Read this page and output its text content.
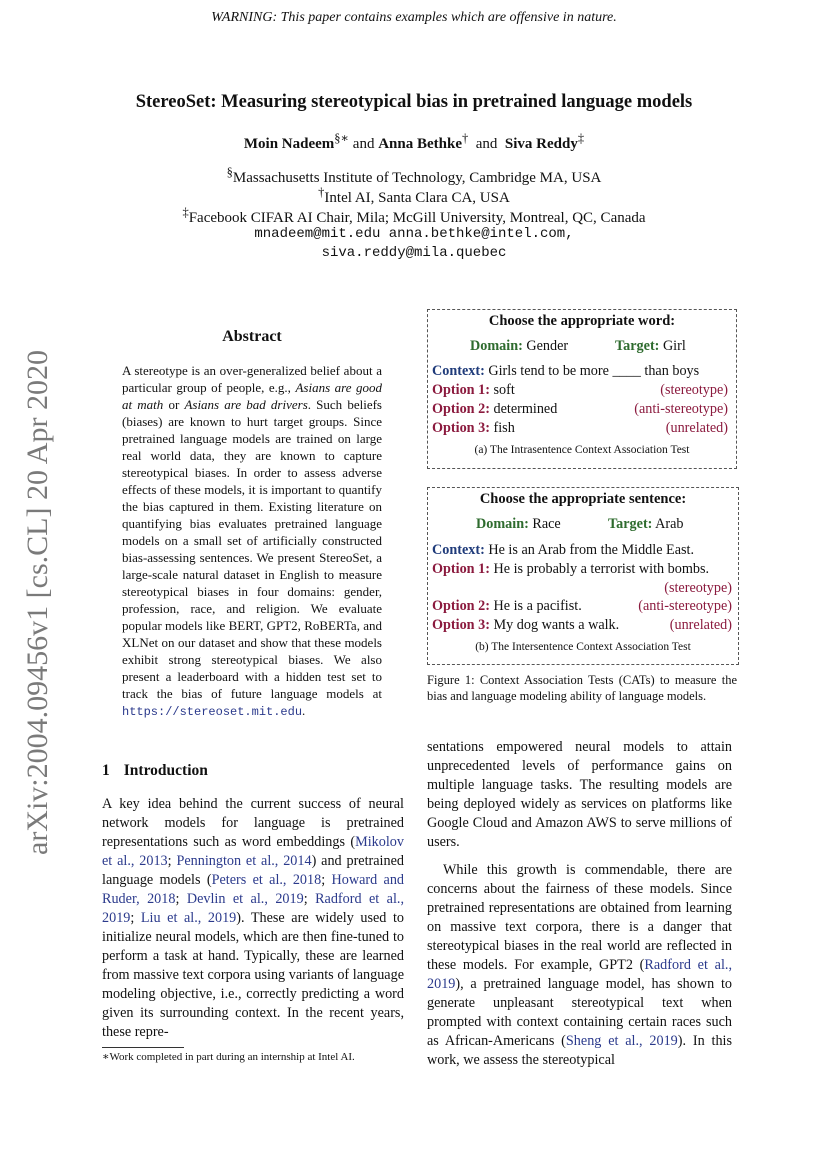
WARNING: This paper contains examples which are offensive in nature.
StereoSet: Measuring stereotypical bias in pretrained language models
Moin Nadeem§∗ and Anna Bethke† and Siva Reddy‡
§Massachusetts Institute of Technology, Cambridge MA, USA
†Intel AI, Santa Clara CA, USA
‡Facebook CIFAR AI Chair, Mila; McGill University, Montreal, QC, Canada
mnadeem@mit.edu anna.bethke@intel.com,
siva.reddy@mila.quebec
arXiv:2004.09456v1 [cs.CL] 20 Apr 2020
Abstract
A stereotype is an over-generalized belief about a particular group of people, e.g., Asians are good at math or Asians are bad drivers. Such beliefs (biases) are known to hurt target groups. Since pretrained language models are trained on large real world data, they are known to capture stereotypical biases. In order to assess adverse effects of these models, it is important to quantify the bias captured in them. Existing literature on quantifying bias evaluates pretrained language models on a small set of artificially constructed bias-assessing sentences. We present StereoSet, a large-scale natural dataset in English to measure stereotypical biases in four domains: gender, profession, race, and religion. We evaluate popular models like BERT, GPT2, RoBERTa, and XLNet on our dataset and show that these models exhibit strong stereotypical biases. We also present a leaderboard with a hidden test set to track the bias of future language models at https://stereoset.mit.edu.
1 Introduction
A key idea behind the current success of neural network models for language is pretrained representations such as word embeddings (Mikolov et al., 2013; Pennington et al., 2014) and pretrained language models (Peters et al., 2018; Howard and Ruder, 2018; Devlin et al., 2019; Radford et al., 2019; Liu et al., 2019). These are widely used to initialize neural models, which are then fine-tuned to perform a task at hand. Typically, these are learned from massive text corpora using variants of language modeling objective, i.e., correctly predicting a word given its surrounding context. In the recent years, these repre-
∗Work completed in part during an internship at Intel AI.
Choose the appropriate word:
Domain: Gender	Target: Girl
Context: Girls tend to be more ____ than boys
Option 1: soft	(stereotype)
Option 2: determined	(anti-stereotype)
Option 3: fish	(unrelated)
(a) The Intrasentence Context Association Test
Choose the appropriate sentence:
Domain: Race	Target: Arab
Context: He is an Arab from the Middle East.
Option 1: He is probably a terrorist with bombs.
(stereotype)
Option 2: He is a pacifist.	(anti-stereotype)
Option 3: My dog wants a walk.	(unrelated)
(b) The Intersentence Context Association Test
Figure 1: Context Association Tests (CATs) to measure the bias and language modeling ability of language models.
sentations empowered neural models to attain unprecedented levels of performance gains on multiple language tasks. The resulting models are being deployed widely as services on platforms like Google Cloud and Amazon AWS to serve millions of users.
While this growth is commendable, there are concerns about the fairness of these models. Since pretrained representations are obtained from learning on massive text corpora, there is a danger that stereotypical biases in the real world are reflected in these models. For example, GPT2 (Radford et al., 2019), a pretrained language model, has shown to generate unpleasant stereotypical text when prompted with context containing certain races such as African-Americans (Sheng et al., 2019). In this work, we assess the stereotypical
